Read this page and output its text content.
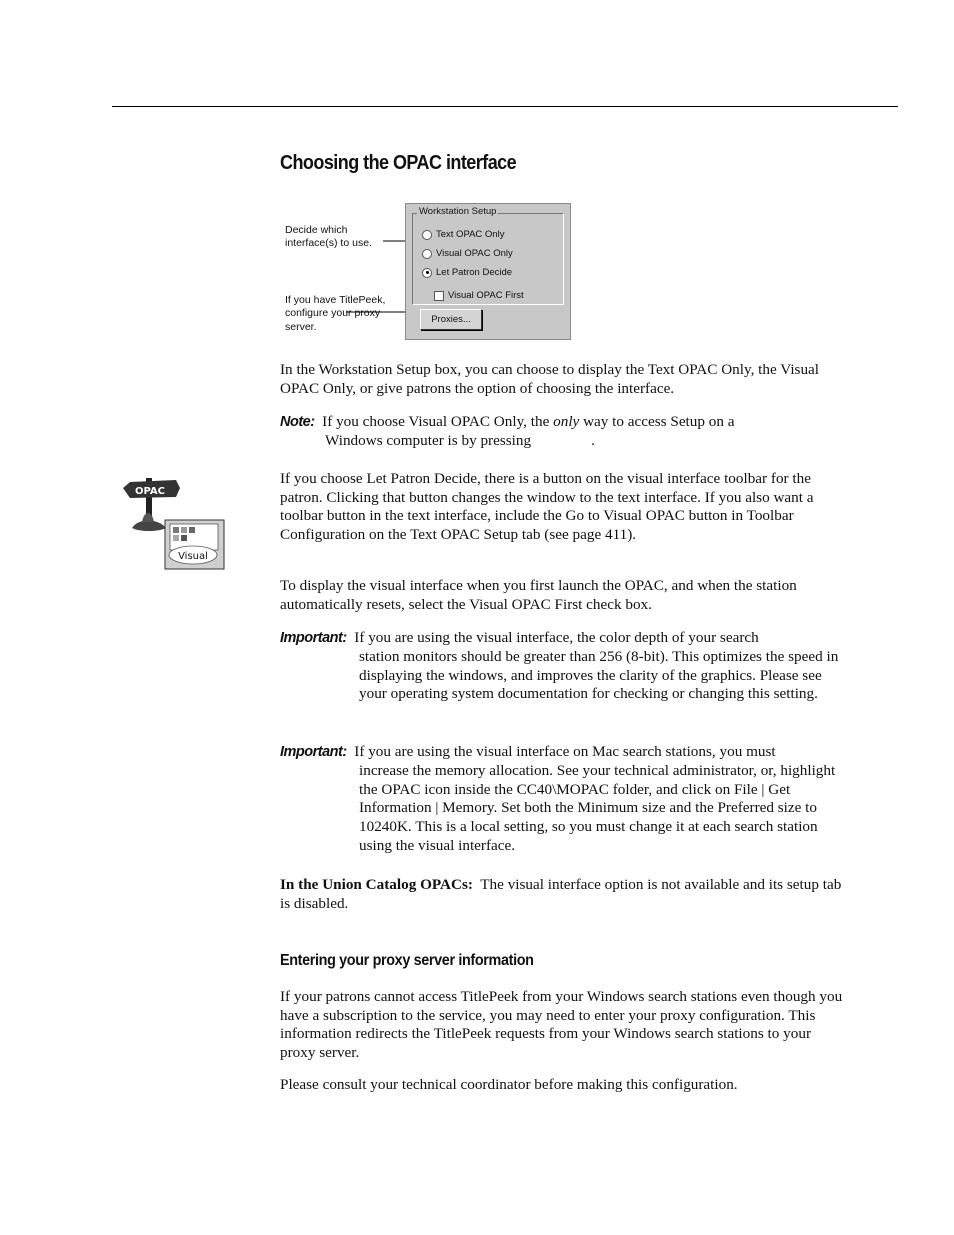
Choosing the OPAC interface
Decide which interface(s) to use.
If you have TitlePeek, configure your proxy server.
Workstation Setup
Text OPAC Only
Visual OPAC Only
Let Patron Decide
Visual OPAC First
Proxies...

In the Workstation Setup box, you can choose to display the Text OPAC Only, the Visual OPAC Only, or give patrons the option of choosing the interface.

Note: If you choose Visual OPAC Only, the only way to access Setup on a
Windows computer is by pressing	.
OPAC
Visual

If you choose Let Patron Decide, there is a button on the visual interface toolbar for the patron. Clicking that button changes the window to the text interface. If you also want a toolbar button in the text interface, include the Go to Visual OPAC button in Toolbar Configuration on the Text OPAC Setup tab (see page 411).

To display the visual interface when you first launch the OPAC, and when the station automatically resets, select the Visual OPAC First check box.

Important: If you are using the visual interface, the color depth of your search
station monitors should be greater than 256 (8-bit). This optimizes the speed in displaying the windows, and improves the clarity of the graphics. Please see your operating system documentation for checking or changing this setting.
Important: If you are using the visual interface on Mac search stations, you must
increase the memory allocation. See your technical administrator, or, highlight the OPAC icon inside the CC40\MOPAC folder, and click on File | Get Information | Memory. Set both the Minimum size and the Preferred size to 10240K. This is a local setting, so you must change it at each search station using the visual interface.

In the Union Catalog OPACs: The visual interface option is not available and its setup tab is disabled.

Entering your proxy server information

If your patrons cannot access TitlePeek from your Windows search stations even though you have a subscription to the service, you may need to enter your proxy configuration. This information redirects the TitlePeek requests from your Windows search stations to your proxy server.

Please consult your technical coordinator before making this configuration.
